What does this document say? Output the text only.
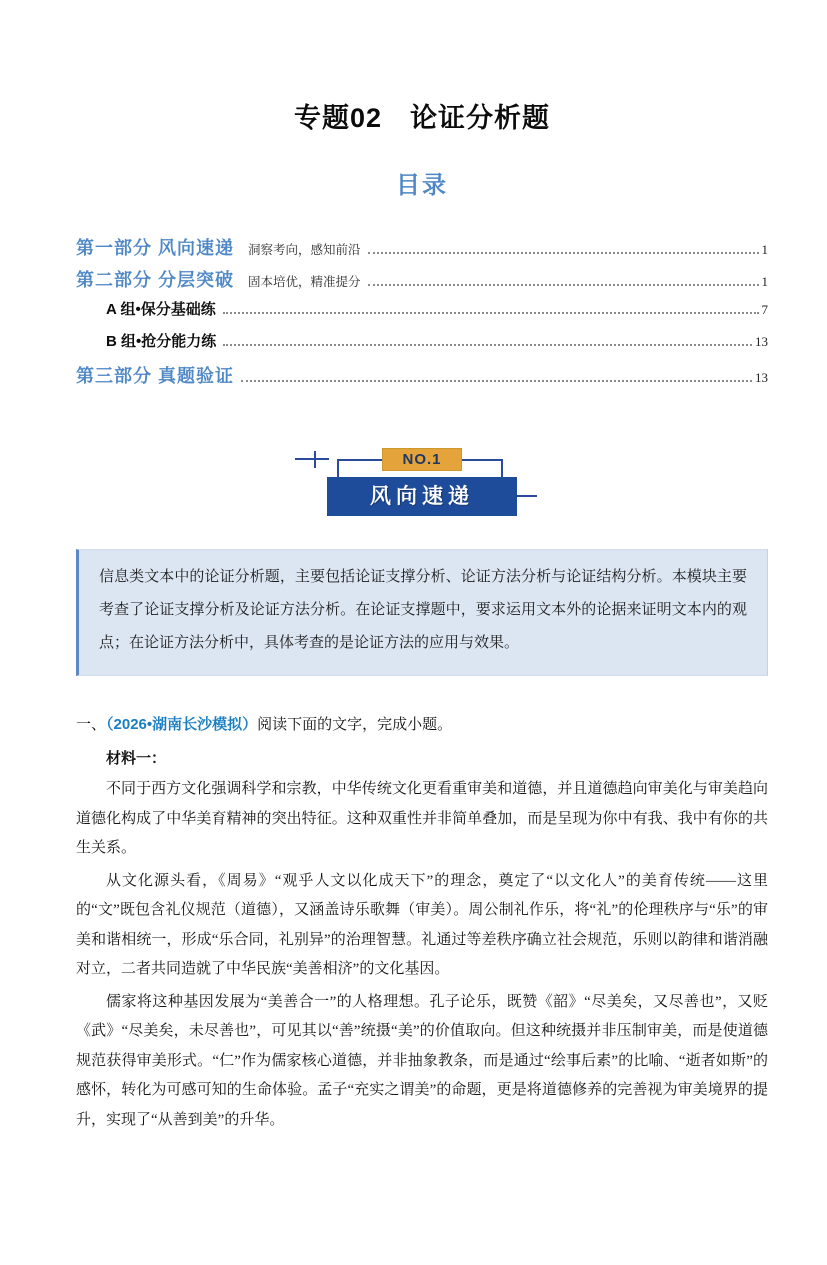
专题02　论证分析题
目录
第一部分 风向速递 洞察考向，感知前沿	1
第二部分 分层突破 固本培优，精准提分	1
A 组•保分基础练	7
B 组•抢分能力练	13
第三部分 真题验证	13
NO.1
风向速递
信息类文本中的论证分析题，主要包括论证支撑分析、论证方法分析与论证结构分析。本模块主要考查了论证支撑分析及论证方法分析。在论证支撑题中，要求运用文本外的论据来证明文本内的观点；在论证方法分析中，具体考查的是论证方法的应用与效果。
一、（2026•湖南长沙模拟）阅读下面的文字，完成小题。
材料一：

不同于西方文化强调科学和宗教，中华传统文化更看重审美和道德，并且道德趋向审美化与审美趋向道德化构成了中华美育精神的突出特征。这种双重性并非简单叠加，而是呈现为你中有我、我中有你的共生关系。

从文化源头看，《周易》“观乎人文以化成天下”的理念，奠定了“以文化人”的美育传统——这里的“文”既包含礼仪规范（道德），又涵盖诗乐歌舞（审美）。周公制礼作乐，将“礼”的伦理秩序与“乐”的审美和谐相统一，形成“乐合同，礼别异”的治理智慧。礼通过等差秩序确立社会规范，乐则以韵律和谐消融对立，二者共同造就了中华民族“美善相济”的文化基因。

儒家将这种基因发展为“美善合一”的人格理想。孔子论乐，既赞《韶》“尽美矣，又尽善也”，又贬《武》“尽美矣，未尽善也”，可见其以“善”统摄“美”的价值取向。但这种统摄并非压制审美，而是使道德规范获得审美形式。“仁”作为儒家核心道德，并非抽象教条，而是通过“绘事后素”的比喻、“逝者如斯”的感怀，转化为可感可知的生命体验。孟子“充实之谓美”的命题，更是将道德修养的完善视为审美境界的提升，实现了“从善到美”的升华。
